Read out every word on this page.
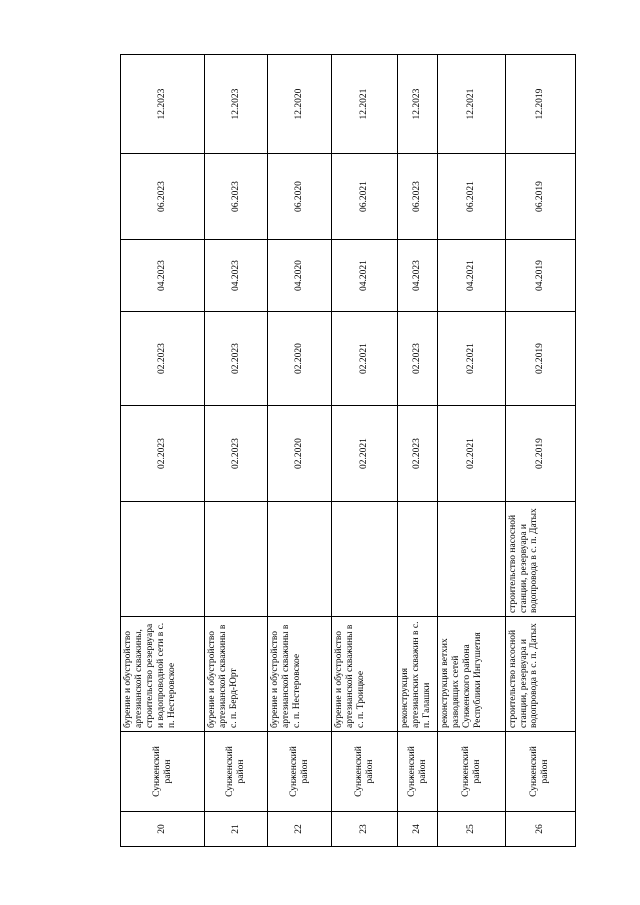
20	Сунженский район	бурение и обустройство артезианской скважины, строительство резервуара и водопроводной сети в с. п. Нестеровское		02.2023	02.2023	04.2023	06.2023	12.2023
21	Сунженский район	бурение и обустройство артезианской скважины в с. п. Берд-Юрт		02.2023	02.2023	04.2023	06.2023	12.2023
22	Сунженский район	бурение и обустройство артезианской скважины в с. п. Нестеровское		02.2020	02.2020	04.2020	06.2020	12.2020
23	Сунженский район	бурение и обустройство артезианской скважины в с. п. Троицкое		02.2021	02.2021	04.2021	06.2021	12.2021
24	Сунженский район	реконструкция артезианских скважин в с. п. Галашки		02.2023	02.2023	04.2023	06.2023	12.2023
25	Сунженский район	реконструкция ветхих разводящих сетей Сунженского района Республики Ингушетия		02.2021	02.2021	04.2021	06.2021	12.2021
26	Сунженский район	строительство насосной станции, резервуара и водопровода в с. п. Датых	строительство насосной станции, резервуара и водопровода в с. п. Датых	02.2019	02.2019	04.2019	06.2019	12.2019
